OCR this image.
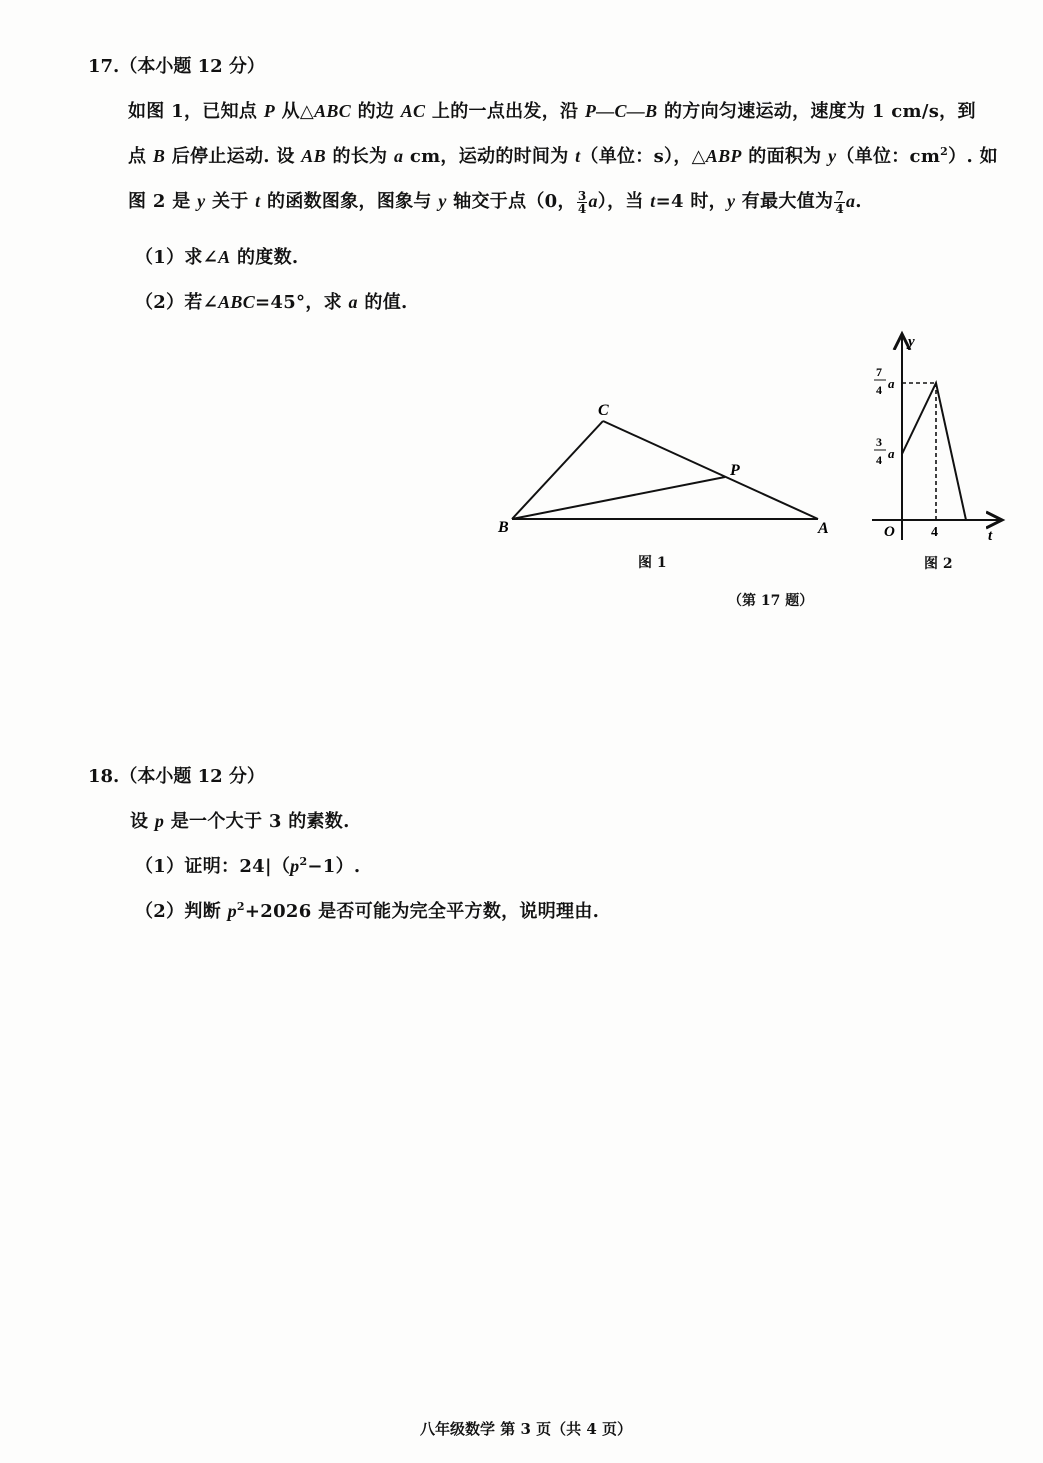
17.（本小题 12 分）
如图 1，已知点 P 从△ABC 的边 AC 上的一点出发，沿 P—C—B 的方向匀速运动，速度为 1 cm/s，到
点 B 后停止运动. 设 AB 的长为 a cm，运动的时间为 t（单位：s），△ABP 的面积为 y（单位：$cm^2$）. 如
图 2 是 y 关于 t 的函数图象，图象与 y 轴交于点（0， $\frac{3}{4} a$），当 t=4 时，y 有最大值为 $\frac{7}{4} a$.
（1）求∠A 的度数.
（2）若∠ABC=45°，求 a 的值.
B
C
P
A
图 1
y
t
O	4
7
4 a
3
4 a
图 2
（第 17 题）
18.（本小题 12 分）
设 p 是一个大于 3 的素数.
（1）证明：$24|(p^2-1)$.
（2）判断 $p^2+2026$ 是否可能为完全平方数，说明理由.
八年级数学 第 3 页（共 4 页）
